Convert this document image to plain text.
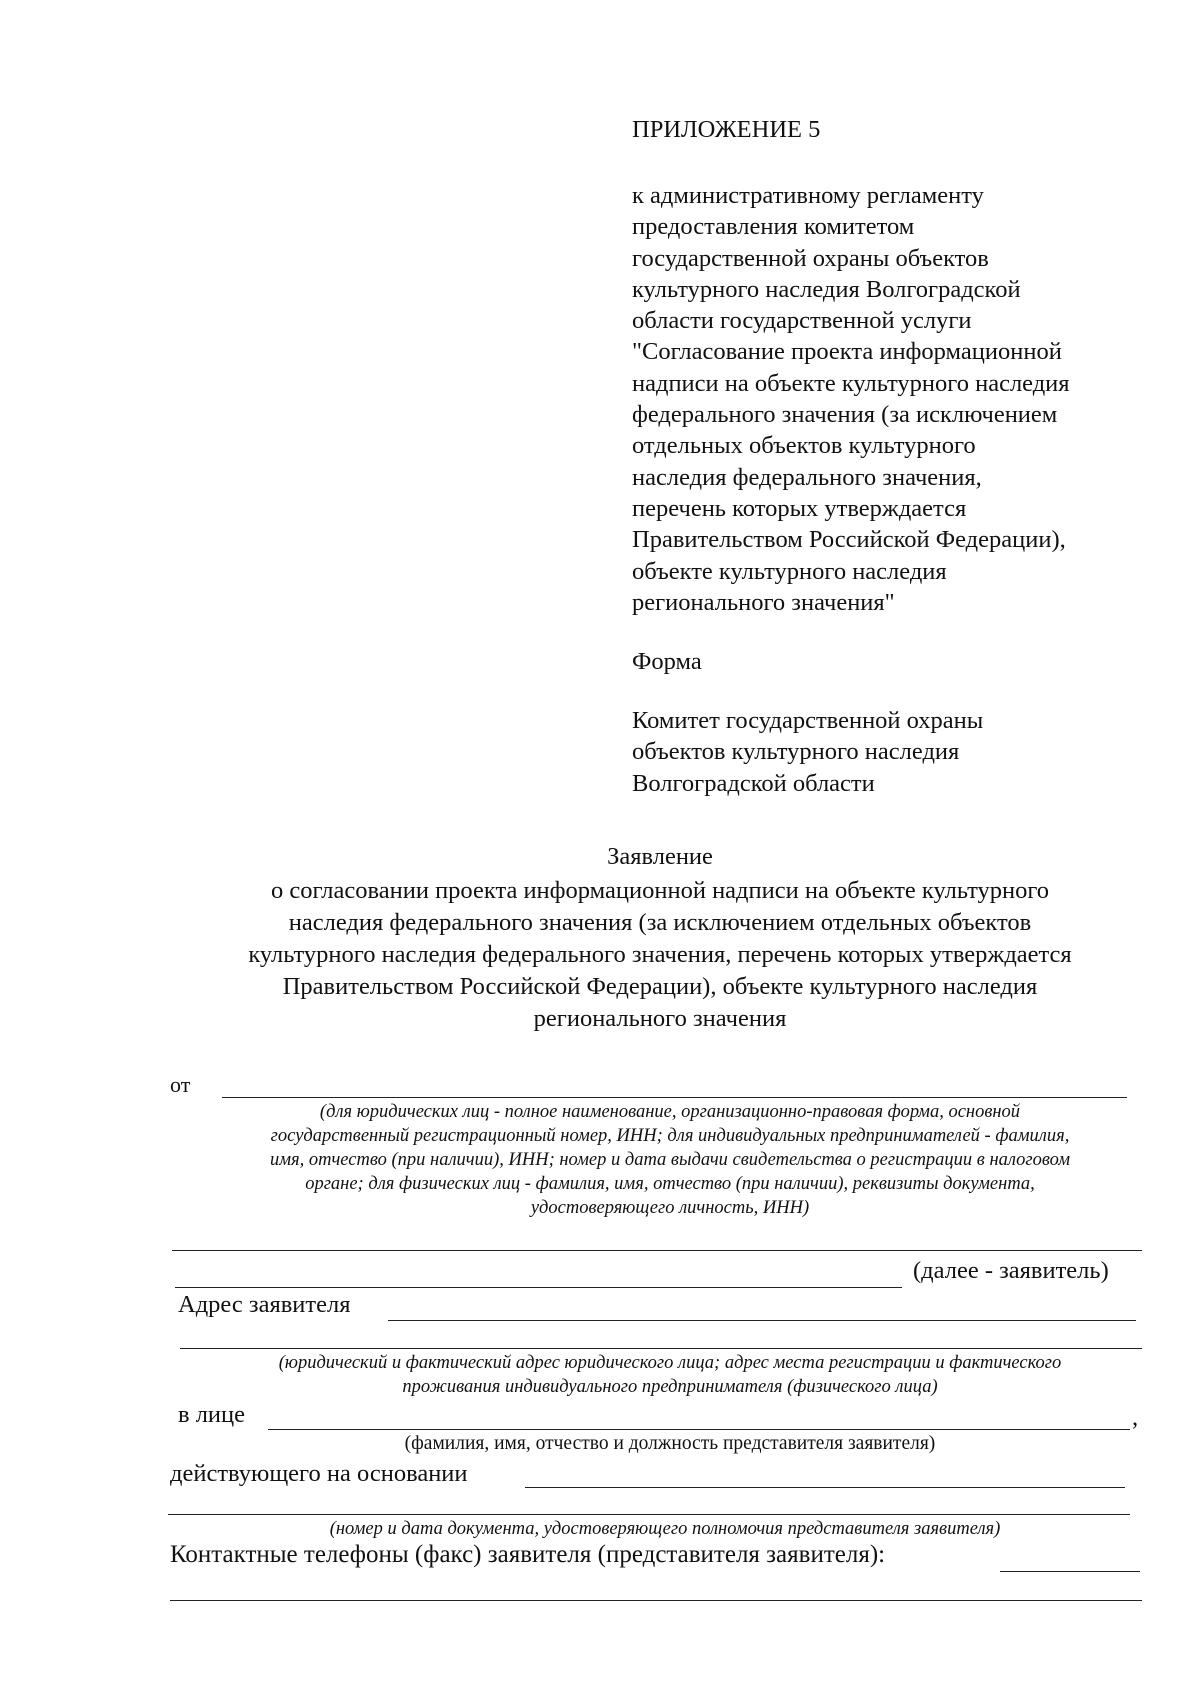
ПРИЛОЖЕНИЕ 5
к административному регламенту
предоставления комитетом
государственной охраны объектов
культурного наследия Волгоградской
области государственной услуги
"Согласование проекта информационной
надписи на объекте культурного наследия
федерального значения (за исключением
отдельных объектов культурного
наследия федерального значения,
перечень которых утверждается
Правительством Российской Федерации),
объекте культурного наследия
регионального значения"
Форма
Комитет государственной охраны
объектов культурного наследия
Волгоградской области
Заявление
о согласовании проекта информационной надписи на объекте культурного
наследия федерального значения (за исключением отдельных объектов
культурного наследия федерального значения, перечень которых утверждается
Правительством Российской Федерации), объекте культурного наследия
регионального значения
от
(для юридических лиц - полное наименование, организационно-правовая форма, основной
государственный регистрационный номер, ИНН; для индивидуальных предпринимателей - фамилия,
имя, отчество (при наличии), ИНН; номер и дата выдачи свидетельства о регистрации в налоговом
органе; для физических лиц - фамилия, имя, отчество (при наличии), реквизиты документа,
удостоверяющего личность, ИНН)
(далее - заявитель)
Адрес заявителя
(юридический и фактический адрес юридического лица; адрес места регистрации и фактического
проживания индивидуального предпринимателя (физического лица)
в лице	,
(фамилия, имя, отчество и должность представителя заявителя)
действующего на основании
(номер и дата документа, удостоверяющего полномочия представителя заявителя)
Контактные телефоны (факс) заявителя (представителя заявителя):
